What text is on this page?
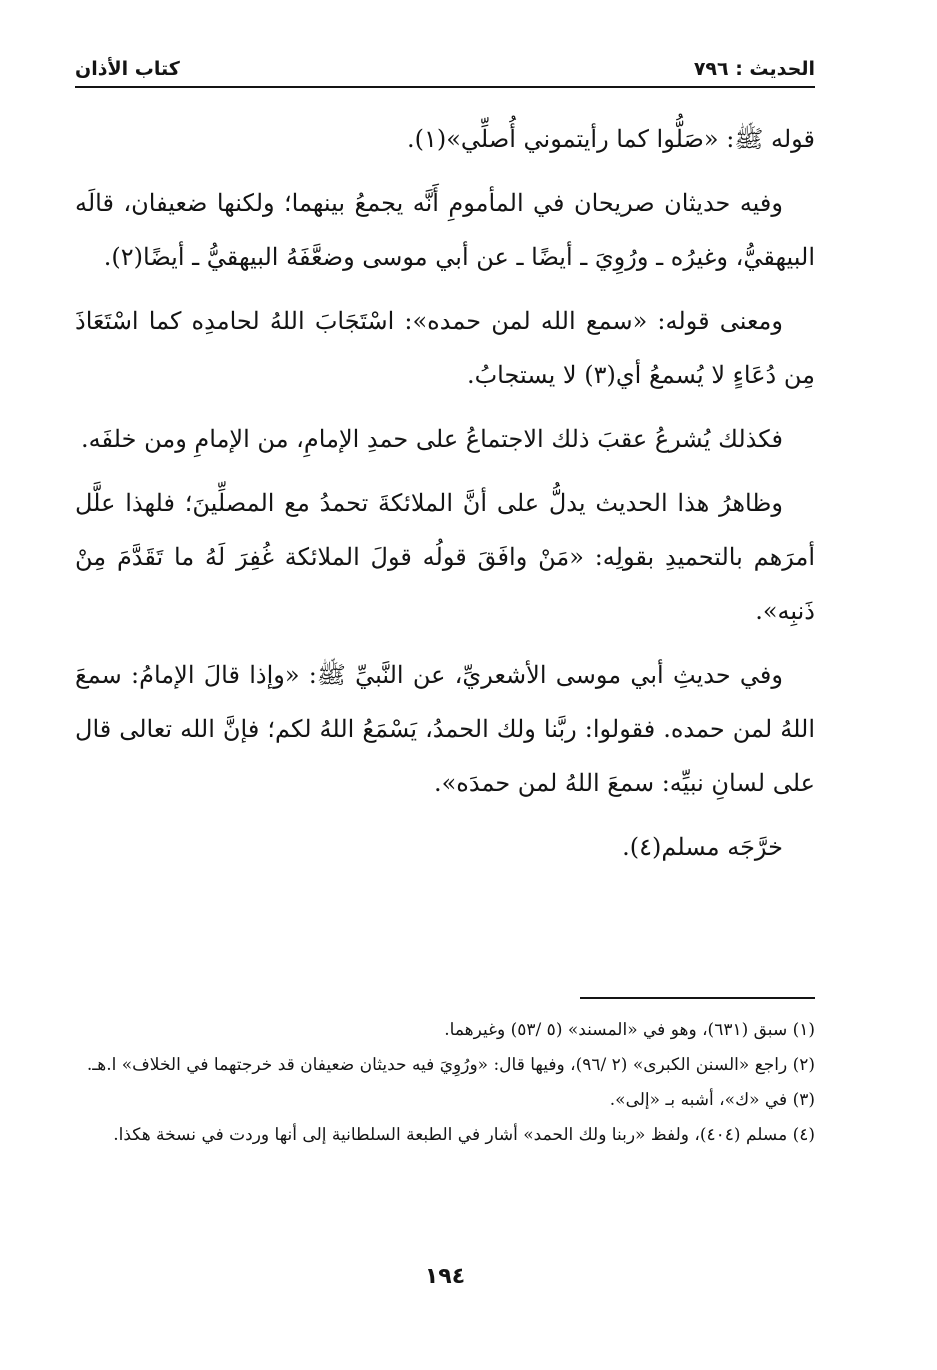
الحديث : ٧٩٦
كتاب الأذان

قوله ﷺ: «صَلُّوا كما رأيتموني أُصلِّي»(١).

وفيه حديثان صريحان في المأمومِ أَنَّه يجمعُ بينهما؛ ولكنها ضعيفان، قالَه البيهقيُّ، وغيرُه ـ ورُوِيَ ـ أيضًا ـ عن أبي موسى وضعَّفَهُ البيهقيُّ ـ أيضًا(٢).

ومعنى قوله: «سمع الله لمن حمده»: اسْتَجَابَ اللهُ لحامدِه كما اسْتَعَاذَ مِن دُعَاءٍ لا يُسمعُ أي(٣) لا يستجابُ.

فكذلك يُشرعُ عقبَ ذلك الاجتماعُ على حمدِ الإمامِ، من الإمامِ ومن خلفَه.

وظاهرُ هذا الحديث يدلُّ على أنَّ الملائكةَ تحمدُ مع المصلِّينَ؛ فلهذا علَّل أمرَهم بالتحميدِ بقولِه: «مَنْ وافَقَ قولُه قولَ الملائكة غُفِرَ لَهُ ما تَقَدَّمَ مِنْ ذَنبِه».

وفي حديثِ أبي موسى الأشعريِّ، عن النَّبيِّ ﷺ: «وإذا قالَ الإمامُ: سمعَ اللهُ لمن حمده. فقولوا: ربَّنا ولك الحمدُ، يَسْمَعُ اللهُ لكم؛ فإنَّ الله تعالى قال على لسانِ نبيِّه: سمعَ اللهُ لمن حمدَه».

خرَّجَه مسلم(٤).

(١) سبق (٦٣١)، وهو في «المسند» (٥ /٥٣) وغيرهما.

(٢) راجع «السنن الكبرى» (٢ /٩٦)، وفيها قال: «ورُوِيَ فيه حديثان ضعيفان قد خرجتهما في الخلاف» ا.هـ.

(٣) في «ك»، أشبه بـ «إلى».

(٤) مسلم (٤٠٤)، ولفظ «ربنا ولك الحمد» أشار في الطبعة السلطانية إلى أنها وردت في نسخة هكذا.

١٩٤
